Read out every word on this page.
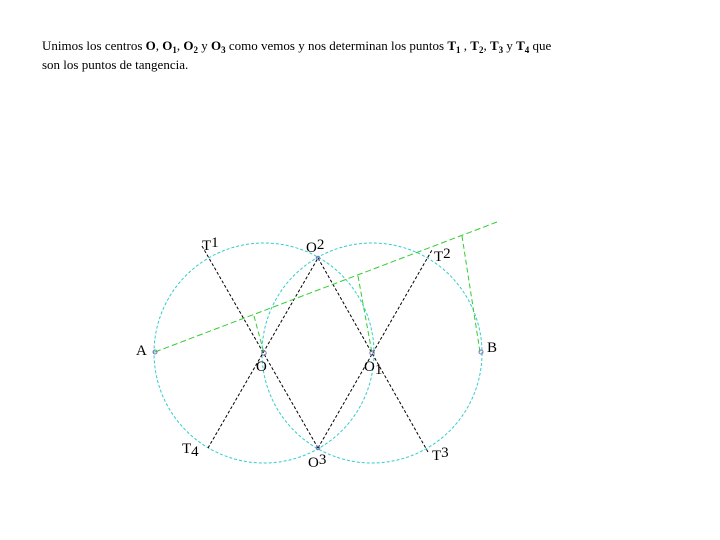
Unimos los centros O, $O_1$, $O_2$ y $O_3$ como vemos y nos determinan los puntos $T_1$ , $T_2$, $T_3$ y $T_4$ que
son los puntos de tangencia.
A	B
O	O1
O2
O3
T1
T2
T3
T4
